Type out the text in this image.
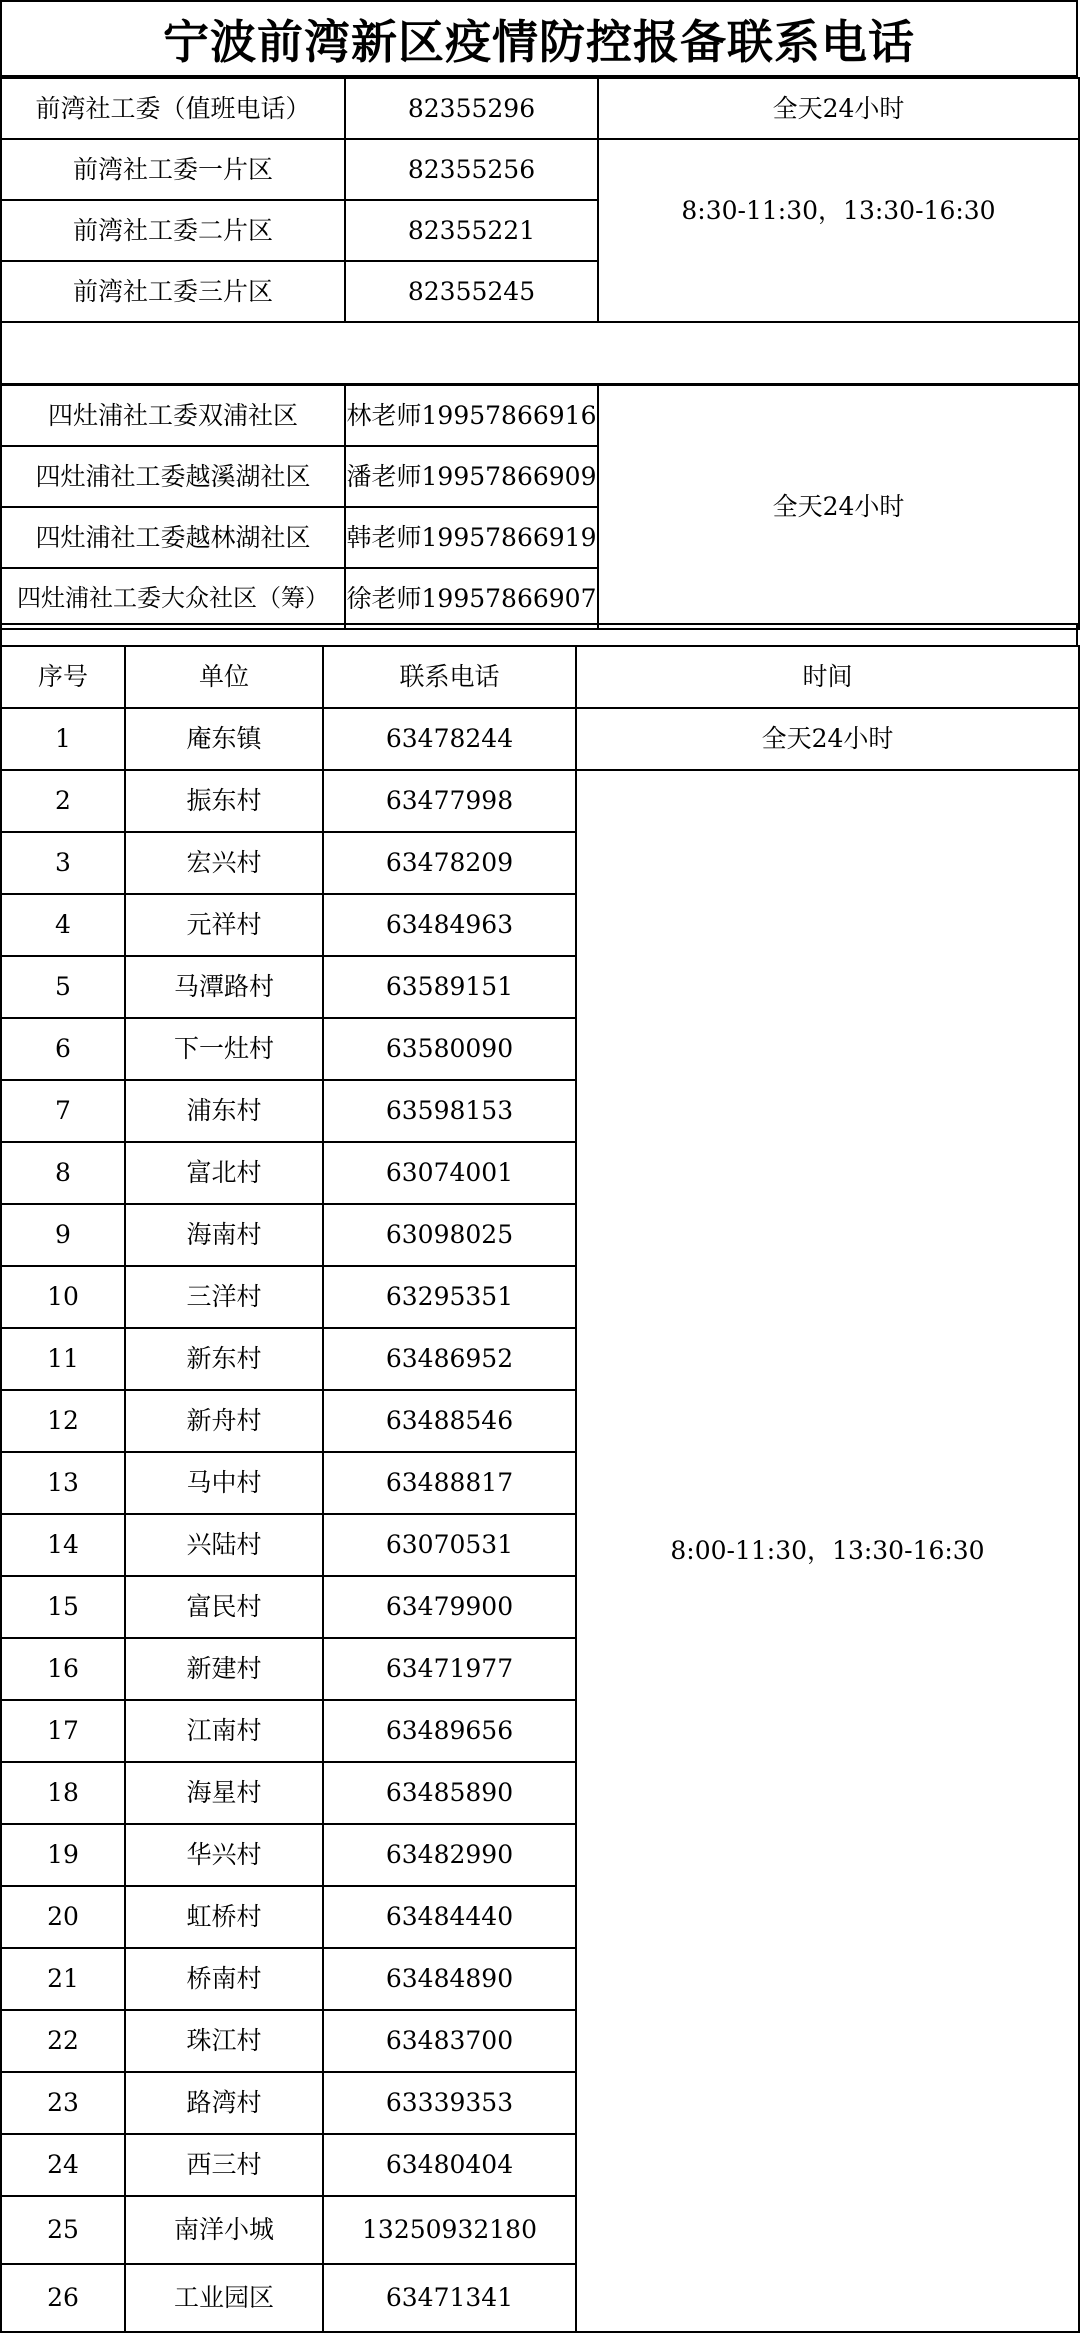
宁波前湾新区疫情防控报备联系电话
前湾社工委（值班电话）	82355296	全天24小时
前湾社工委一片区	82355256	8:30-11:30，13:30-16:30
前湾社工委二片区	82355221	
前湾社工委三片区	82355245	

四灶浦社工委双浦社区	林老师19957866916	全天24小时
四灶浦社工委越溪湖社区	潘老师19957866909	
四灶浦社工委越林湖社区	韩老师19957866919	
四灶浦社工委大众社区（筹）	徐老师19957866907	
序号	单位	联系电话	时间
1	庵东镇	63478244	全天24小时
2	振东村	63477998	8:00-11:30，13:30-16:30
3	宏兴村	63478209	
4	元祥村	63484963	
5	马潭路村	63589151	
6	下一灶村	63580090	
7	浦东村	63598153	
8	富北村	63074001	
9	海南村	63098025	
10	三洋村	63295351	
11	新东村	63486952	
12	新舟村	63488546	
13	马中村	63488817	
14	兴陆村	63070531	
15	富民村	63479900	
16	新建村	63471977	
17	江南村	63489656	
18	海星村	63485890	
19	华兴村	63482990	
20	虹桥村	63484440	
21	桥南村	63484890	
22	珠江村	63483700	
23	路湾村	63339353	
24	西三村	63480404	
25	南洋小城	13250932180	
26	工业园区	63471341	
